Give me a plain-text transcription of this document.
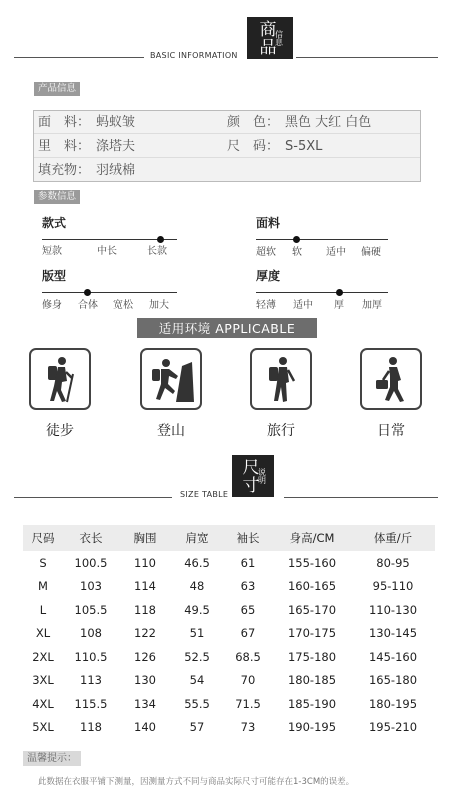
BASIC INFORMATION 商品 信息
产品信息
面　料： 蚂蚁皱	颜　色： 黑色 大红 白色
里　料： 涤塔夫	尺　码： S-5XL
填充物： 羽绒棉
参数信息
款式
短款	中长	长款
面料
超软 软 适中 偏硬
版型
修身 合体 宽松 加大
厚度
轻薄 适中 厚 加厚
适用环境 APPLICABLE
徒步	登山	旅行	日常
SIZE TABLE
尺寸 说明
尺码	衣长	胸围	肩宽	袖长	身高/CM	体重/斤
S	100.5	110	46.5	61	155-160	80-95
M	103	114	48	63	160-165	95-110
L	105.5	118	49.5	65	165-170	110-130
XL	108	122	51	67	170-175	130-145
2XL	110.5	126	52.5	68.5	175-180	145-160
3XL	113	130	54	70	180-185	165-180
4XL	115.5	134	55.5	71.5	185-190	180-195
5XL	118	140	57	73	190-195	195-210
温馨提示：
此数据在衣服平铺下测量，因测量方式不同与商品实际尺寸可能存在1-3CM的误差。
